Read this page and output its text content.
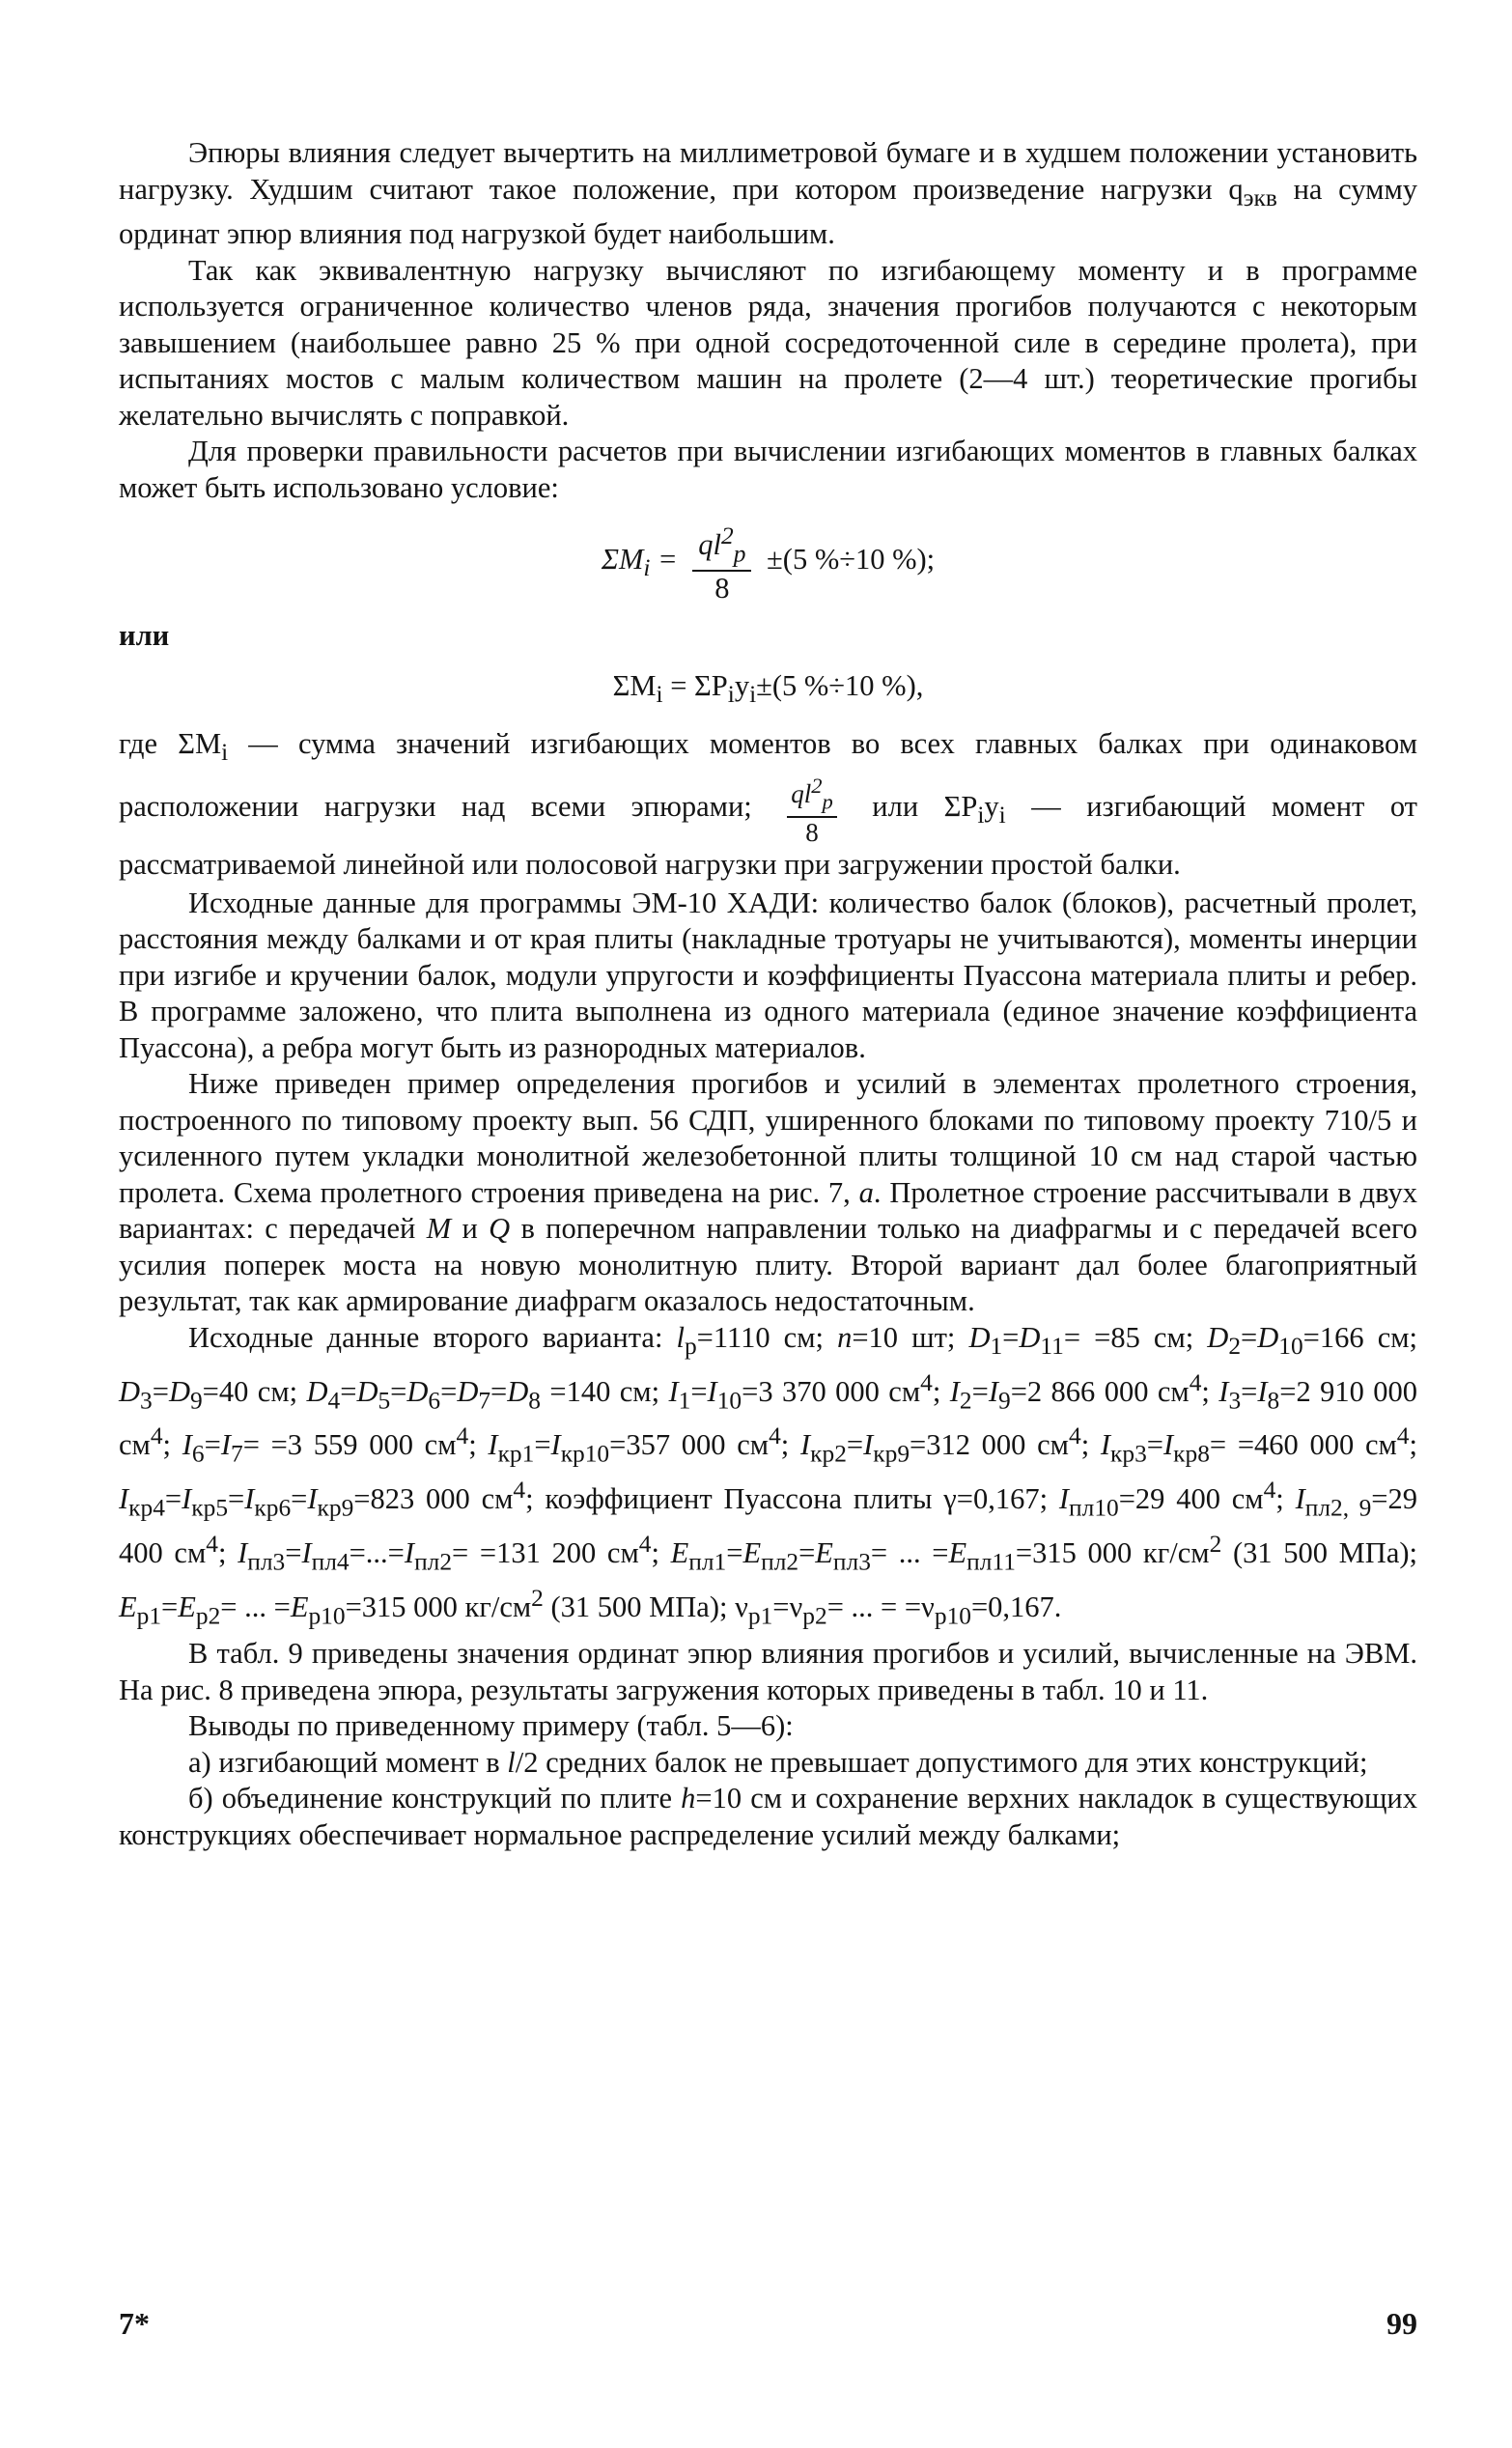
Эпюры влияния следует вычертить на миллиметровой бумаге и в худшем положении установить нагрузку. Худшим считают такое положение, при котором произведение нагрузки $q_{экв}$ на сумму ординат эпюр влияния под нагрузкой будет наибольшим.

Так как эквивалентную нагрузку вычисляют по изгибающему моменту и в программе используется ограниченное количество членов ряда, значения прогибов получаются с некоторым завышением (наибольшее равно 25 % при одной сосредоточенной силе в середине пролета), при испытаниях мостов с малым количеством машин на пролете (2—4 шт.) теоретические прогибы желательно вычислять с поправкой.

Для проверки правильности расчетов при вычислении изгибающих моментов в главных балках может быть использовано условие:

$\Sigma M_i = \frac{ql^2_р}{8} \pm(5$ %÷10 %);

или

$\Sigma M_i = \Sigma P_iy_i\pm(5$ %÷10 %),

где $\Sigma M_i$ — сумма значений изгибающих моментов во всех главных балках при одинаковом расположении нагрузки над всеми эпюрами; $\frac{ql^2_р}{8}$ или $\Sigma P_iy_i$ — изгибающий момент от рассматриваемой линейной или полосовой нагрузки при загружении простой балки.

Исходные данные для программы ЭМ-10 ХАДИ: количество балок (блоков), расчетный пролет, расстояния между балками и от края плиты (накладные тротуары не учитываются), моменты инерции при изгибе и кручении балок, модули упругости и коэффициенты Пуассона материала плиты и ребер. В программе заложено, что плита выполнена из одного материала (единое значение коэффициента Пуассона), а ребра могут быть из разнородных материалов.

Ниже приведен пример определения прогибов и усилий в элементах пролетного строения, построенного по типовому проекту вып. 56 СДП, уширенного блоками по типовому проекту 710/5 и усиленного путем укладки монолитной железобетонной плиты толщиной 10 см над старой частью пролета. Схема пролетного строения приведена на рис. 7, а. Пролетное строение рассчитывали в двух вариантах: с передачей M и Q в поперечном направлении только на диафрагмы и с передачей всего усилия поперек моста на новую монолитную плиту. Второй вариант дал более благоприятный результат, так как армирование диафрагм оказалось недостаточным.

Исходные данные второго варианта: $l_р=1110$ см; n=10 шт; $D_1=D_{11}= =85$ см; $D_2=D_{10}=166$ см; $D_3=D_9=40$ см; $D_4=D_5=D_6=D_7=D_8 =140$ см; $I_1=I_{10}=3$ 370 000 $см^4$; $I_2=I_9=2$ 866 000 $см^4$; $I_3=I_8=2$ 910 000 $см^4$; $I_6=I_7= =3$ 559 000 $см^4$; $I_{кр1}=I_{кр10}=357$ 000 $см^4$; $I_{кр2}=I_{кр9}=312$ 000 $см^4$; $I_{кр3}=I_{кр8}= =460$ 000 $см^4$; $I_{кр4}=I_{кр5}=I_{кр6}=I_{кр9}=823$ 000 $см^4$; коэффициент Пуассона плиты γ=0,167; $I_{пл10}=29$ 400 $см^4$; $I_{пл2, 9}=29$ 400 $см^4$; $I_{пл3}=I_{пл4}=...=I_{пл2}= =131$ 200 $см^4$; $E_{пл1}=E_{пл2}=E_{пл3}=$ ... $=E_{пл11}=315$ 000 $кг/см^2$ (31 500 МПа); $E_{р1}=E_{р2}=$ ... $=E_{р10}=315$ 000 $кг/см^2$ (31 500 МПа); $\nu_{р1}=\nu_{р2}=$ ... = $=\nu_{р10}=0,167$.

В табл. 9 приведены значения ординат эпюр влияния прогибов и усилий, вычисленные на ЭВМ. На рис. 8 приведена эпюра, результаты загружения которых приведены в табл. 10 и 11.

Выводы по приведенному примеру (табл. 5—6):

а) изгибающий момент в l/2 средних балок не превышает допустимого для этих конструкций;

б) объединение конструкций по плите h=10 см и сохранение верхних накладок в существующих конструкциях обеспечивает нормальное распределение усилий между балками;

7*	99
